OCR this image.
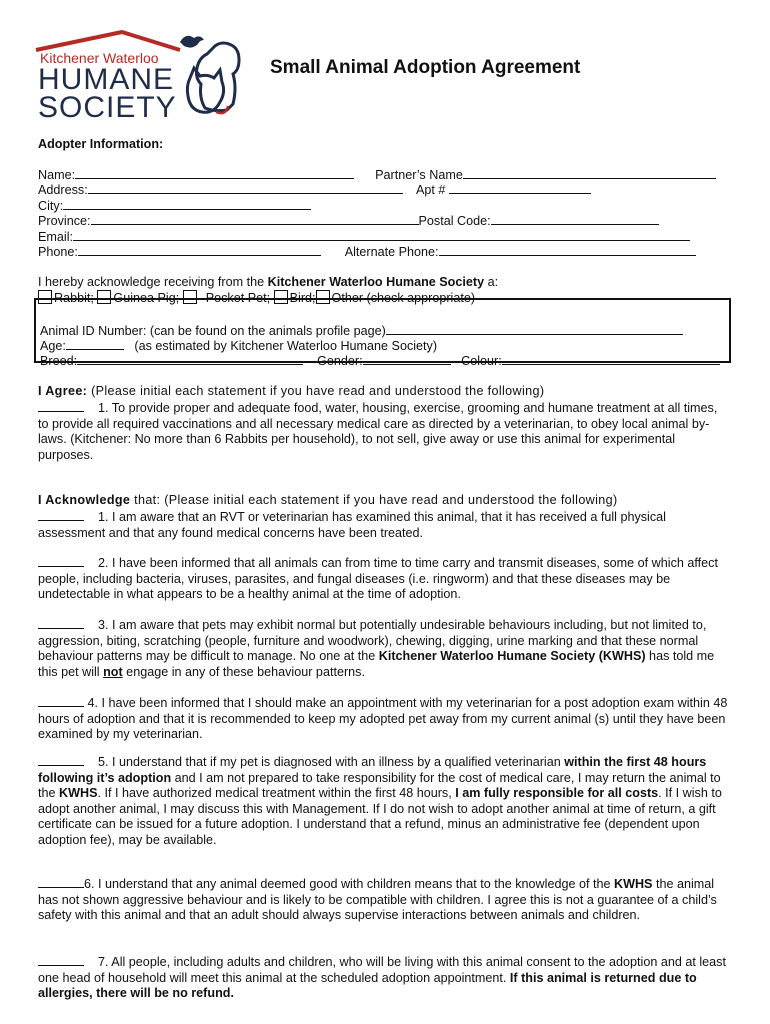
Kitchener Waterloo
HUMANE
SOCIETY
Small Animal Adoption Agreement
Adopter Information:

Name:	Partner’s Name

Address:	Apt #

City:

Province:	Postal Code:

Email:

Phone:	Alternate Phone:

I hereby acknowledge receiving from the Kitchener Waterloo Humane Society a:

Rabbit; Guinea Pig; Pocket Pet; Bird; Other (check appropriate)

Animal ID Number: (can be found on the animals profile page)

Age:	(as estimated by Kitchener Waterloo Humane Society)

Breed:	Gender:	Colour:

I Agree: (Please initial each statement if you have read and understood the following)

1. To provide proper and adequate food, water, housing, exercise, grooming and humane treatment at all times, to provide all required vaccinations and all necessary medical care as directed by a veterinarian, to obey local animal by-laws. (Kitchener: No more than 6 Rabbits per household), to not sell, give away or use this animal for experimental purposes.

I Acknowledge that: (Please initial each statement if you have read and understood the following)

1. I am aware that an RVT or veterinarian has examined this animal, that it has received a full physical assessment and that any found medical concerns have been treated.
2. I have been informed that all animals can from time to time carry and transmit diseases, some of which affect people, including bacteria, viruses, parasites, and fungal diseases (i.e. ringworm) and that these diseases may be undetectable in what appears to be a healthy animal at the time of adoption.
3. I am aware that pets may exhibit normal but potentially undesirable behaviours including, but not limited to, aggression, biting, scratching (people, furniture and woodwork), chewing, digging, urine marking and that these normal behaviour patterns may be difficult to manage. No one at the Kitchener Waterloo Humane Society (KWHS) has told me this pet will not engage in any of these behaviour patterns.
4. I have been informed that I should make an appointment with my veterinarian for a post adoption exam within 48 hours of adoption and that it is recommended to keep my adopted pet away from my current animal (s) until they have been examined by my veterinarian.
5. I understand that if my pet is diagnosed with an illness by a qualified veterinarian within the first 48 hours following it’s adoption and I am not prepared to take responsibility for the cost of medical care, I may return the animal to the KWHS. If I have authorized medical treatment within the first 48 hours, I am fully responsible for all costs. If I wish to adopt another animal, I may discuss this with Management. If I do not wish to adopt another animal at time of return, a gift certificate can be issued for a future adoption. I understand that a refund, minus an administrative fee (dependent upon adoption fee), may be available.
6. I understand that any animal deemed good with children means that to the knowledge of the KWHS the animal has not shown aggressive behaviour and is likely to be compatible with children. I agree this is not a guarantee of a child’s safety with this animal and that an adult should always supervise interactions between animals and children.
7. All people, including adults and children, who will be living with this animal consent to the adoption and at least one head of household will meet this animal at the scheduled adoption appointment. If this animal is returned due to allergies, there will be no refund.
